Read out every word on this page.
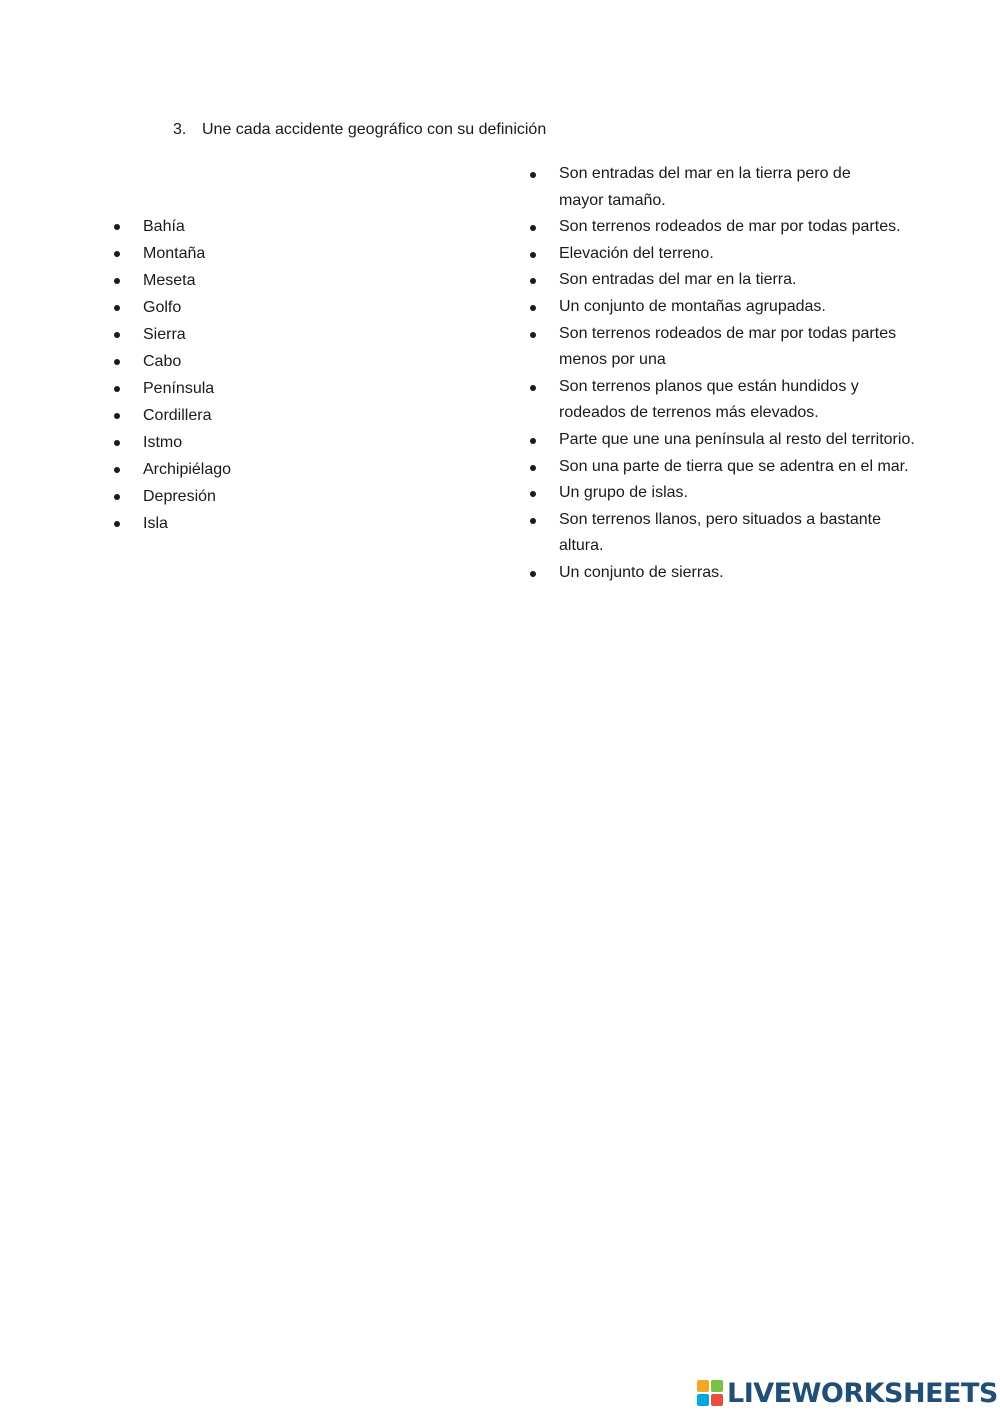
3. Une cada accidente geográfico con su definición
Bahía
Montaña
Meseta
Golfo
Sierra
Cabo
Península
Cordillera
Istmo
Archipiélago
Depresión
Isla
Son entradas del mar en la tierra pero de
mayor tamaño.
Son terrenos rodeados de mar por todas partes.
Elevación del terreno.
Son entradas del mar en la tierra.
Un conjunto de montañas agrupadas.
Son terrenos rodeados de mar por todas partes
menos por una
Son terrenos planos que están hundidos y
rodeados de terrenos más elevados.
Parte que une una península al resto del territorio.
Son una parte de tierra que se adentra en el mar.
Un grupo de islas.
Son terrenos llanos, pero situados a bastante
altura.
Un conjunto de sierras.
LIVEWORKSHEETS
